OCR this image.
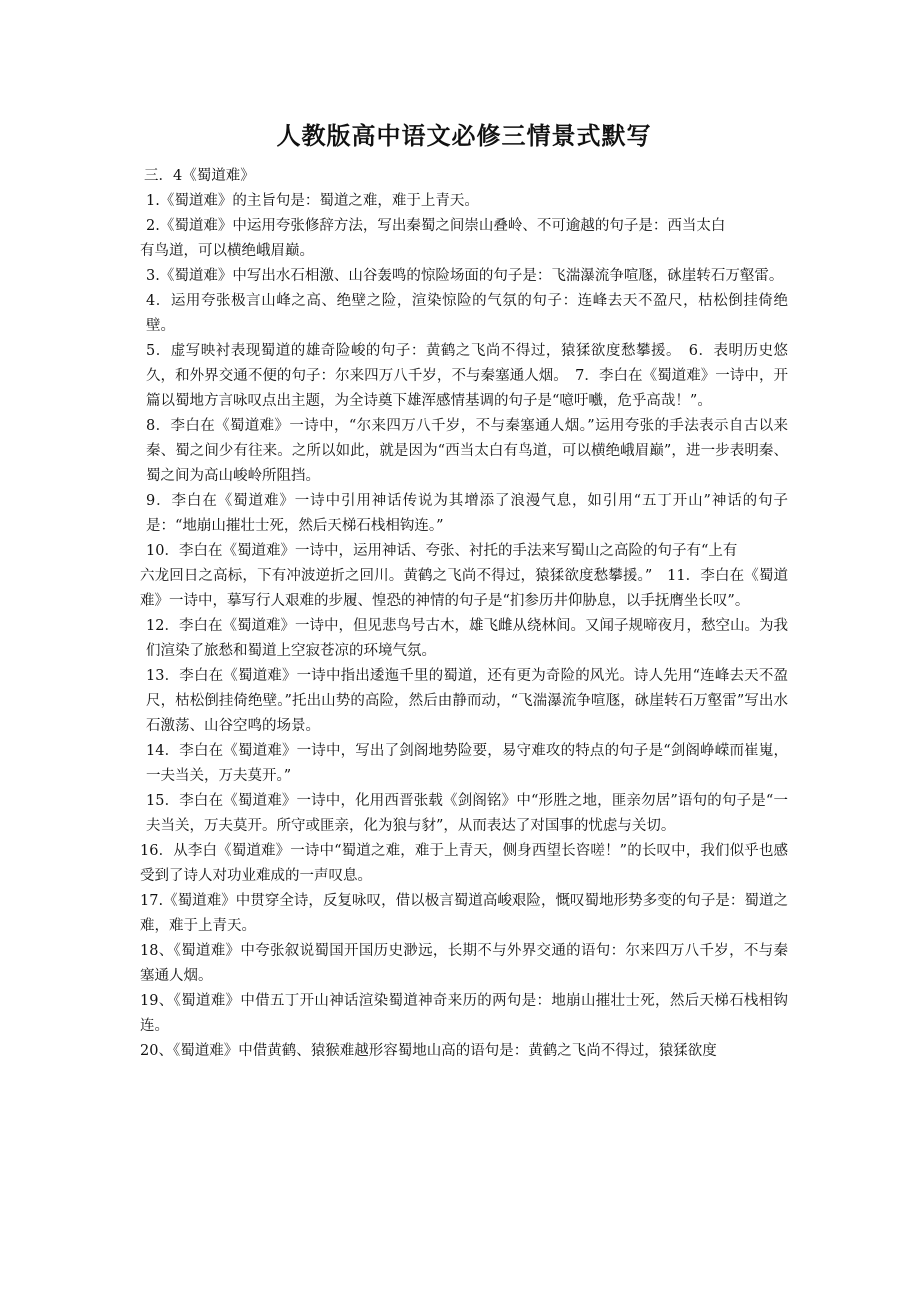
人教版高中语文必修三情景式默写
三．4《蜀道难》

1.《蜀道难》的主旨句是：蜀道之难，难于上青天。

2.《蜀道难》中运用夸张修辞方法，写出秦蜀之间崇山叠岭、不可逾越的句子是：西当太白

有鸟道，可以横绝峨眉巅。

3.《蜀道难》中写出水石相激、山谷轰鸣的惊险场面的句子是：飞湍瀑流争喧豗，砯崖转石万壑雷。

4．运用夸张极言山峰之高、绝壁之险，渲染惊险的气氛的句子：连峰去天不盈尺，枯松倒挂倚绝壁。

5．虚写映衬表现蜀道的雄奇险峻的句子：黄鹤之飞尚不得过，猿猱欲度愁攀援。　6．表明历史悠久，和外界交通不便的句子：尔来四万八千岁，不与秦塞通人烟。　7．李白在《蜀道难》一诗中，开篇以蜀地方言咏叹点出主题，为全诗奠下雄浑感情基调的句子是“噫吁嚱，危乎高哉！”。

8．李白在《蜀道难》一诗中，“尔来四万八千岁，不与秦塞通人烟。”运用夸张的手法表示自古以来秦、蜀之间少有往来。之所以如此，就是因为“西当太白有鸟道，可以横绝峨眉巅”，进一步表明秦、蜀之间为高山峻岭所阻挡。

9．李白在《蜀道难》一诗中引用神话传说为其增添了浪漫气息，如引用“五丁开山”神话的句子是：“地崩山摧壮士死，然后天梯石栈相钩连。”

10．李白在《蜀道难》一诗中，运用神话、夸张、衬托的手法来写蜀山之高险的句子有“上有

六龙回日之高标，下有冲波逆折之回川。黄鹤之飞尚不得过，猿猱欲度愁攀援。”　11．李白在《蜀道难》一诗中，摹写行人艰难的步履、惶恐的神情的句子是“扪参历井仰胁息，以手抚膺坐长叹”。

12．李白在《蜀道难》一诗中，但见悲鸟号古木，雄飞雌从绕林间。又闻子规啼夜月，愁空山。为我们渲染了旅愁和蜀道上空寂苍凉的环境气氛。

13．李白在《蜀道难》一诗中指出逶迤千里的蜀道，还有更为奇险的风光。诗人先用“连峰去天不盈尺，枯松倒挂倚绝壁。”托出山势的高险，然后由静而动，“飞湍瀑流争喧豗，砯崖转石万壑雷”写出水石激荡、山谷空鸣的场景。

14．李白在《蜀道难》一诗中，写出了剑阁地势险要，易守难攻的特点的句子是“剑阁峥嵘而崔嵬，一夫当关，万夫莫开。”

15．李白在《蜀道难》一诗中，化用西晋张载《剑阁铭》中“形胜之地，匪亲勿居”语句的句子是“一夫当关，万夫莫开。所守或匪亲，化为狼与豺”，从而表达了对国事的忧虑与关切。

16．从李白《蜀道难》一诗中“蜀道之难，难于上青天，侧身西望长咨嗟！”的长叹中，我们似乎也感受到了诗人对功业难成的一声叹息。

17.《蜀道难》中贯穿全诗，反复咏叹，借以极言蜀道高峻艰险，慨叹蜀地形势多变的句子是：蜀道之难，难于上青天。

18、《蜀道难》中夸张叙说蜀国开国历史渺远，长期不与外界交通的语句：尔来四万八千岁，不与秦塞通人烟。

19、《蜀道难》中借五丁开山神话渲染蜀道神奇来历的两句是：地崩山摧壮士死，然后天梯石栈相钩连。

20、《蜀道难》中借黄鹤、猿猴难越形容蜀地山高的语句是：黄鹤之飞尚不得过，猿猱欲度
